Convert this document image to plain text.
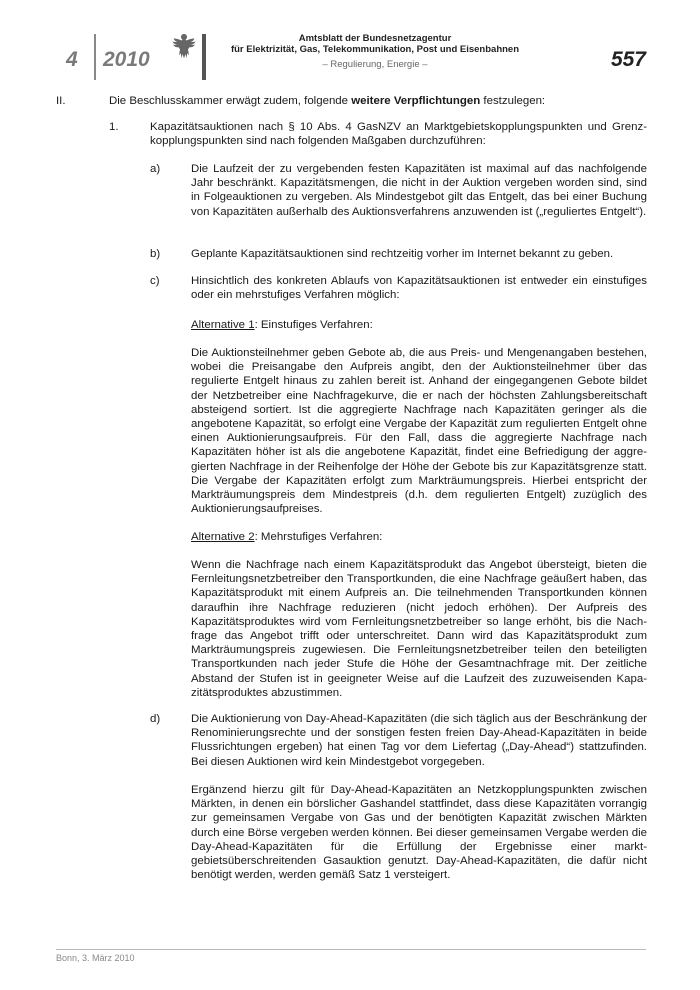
4 2010
Amtsblatt der Bundesnetzagentur
für Elektrizität, Gas, Telekommunikation, Post und Eisenbahnen
– Regulierung, Energie –	557
II.	Die Beschlusskammer erwägt zudem, folgende weitere Verpflichtungen festzulegen:

1.	Kapazitätsauktionen nach § 10 Abs. 4 GasNZV an Marktgebietskopplungspunkten und Grenzkopplungspunkten sind nach folgenden Maßgaben durchzuführen:

a)	Die Laufzeit der zu vergebenden festen Kapazitäten ist maximal auf das nachfolgende Jahr beschränkt. Kapazitätsmengen, die nicht in der Auktion vergeben worden sind, sind in Folgeauktionen zu vergeben. Als Mindestgebot gilt das Entgelt, das bei einer Buchung von Kapazitäten außerhalb des Auktionsverfahrens anzuwenden ist („reguliertes Entgelt“).

b)	Geplante Kapazitätsauktionen sind rechtzeitig vorher im Internet bekannt zu geben.

c)	Hinsichtlich des konkreten Ablaufs von Kapazitätsauktionen ist entweder ein einstufiges oder ein mehrstufiges Verfahren möglich:

Alternative 1: Einstufiges Verfahren:

Die Auktionsteilnehmer geben Gebote ab, die aus Preis- und Mengenangaben bestehen, wobei die Preisangabe den Aufpreis angibt, den der Auktionsteilnehmer über das regulierte Entgelt hinaus zu zahlen bereit ist. Anhand der eingegangenen Gebote bildet der Netzbetreiber eine Nachfragekurve, die er nach der höchsten Zahlungsbereitschaft absteigend sortiert. Ist die aggregierte Nachfrage nach Kapazitäten geringer als die angebotene Kapazität, so erfolgt eine Vergabe der Kapazität zum regulierten Entgelt ohne einen Auktionierungsaufpreis. Für den Fall, dass die aggregierte Nachfrage nach Kapazitäten höher ist als die angebotene Kapazität, findet eine Befriedigung der aggregierten Nachfrage in der Reihenfolge der Höhe der Gebote bis zur Kapazitätsgrenze statt. Die Vergabe der Kapazitäten erfolgt zum Markträumungspreis. Hierbei entspricht der Markträumungspreis dem Mindestpreis (d.h. dem regulierten Entgelt) zuzüglich des Auktionierungsaufpreises.

Alternative 2: Mehrstufiges Verfahren:

Wenn die Nachfrage nach einem Kapazitätsprodukt das Angebot übersteigt, bieten die Fernleitungsnetzbetreiber den Transportkunden, die eine Nachfrage geäußert haben, das Kapazitätsprodukt mit einem Aufpreis an. Die teilnehmenden Transportkunden können daraufhin ihre Nachfrage reduzieren (nicht jedoch erhöhen). Der Aufpreis des Kapazitätsproduktes wird vom Fernleitungsnetzbetreiber so lange erhöht, bis die Nachfrage das Angebot trifft oder unterschreitet. Dann wird das Kapazitätsprodukt zum Markträumungspreis zugewiesen. Die Fernleitungsnetzbetreiber teilen den beteiligten Transportkunden nach jeder Stufe die Höhe der Gesamtnachfrage mit. Der zeitliche Abstand der Stufen ist in geeigneter Weise auf die Laufzeit des zuzuweisenden Kapazitätsproduktes abzustimmen.

d)	Die Auktionierung von Day-Ahead-Kapazitäten (die sich täglich aus der Beschränkung der Renominierungsrechte und der sonstigen festen freien Day-Ahead-Kapazitäten in beide Flussrichtungen ergeben) hat einen Tag vor dem Liefertag („Day-Ahead“) stattzufinden. Bei diesen Auktionen wird kein Mindestgebot vorgegeben.

Ergänzend hierzu gilt für Day-Ahead-Kapazitäten an Netzkopplungspunkten zwischen Märkten, in denen ein börslicher Gashandel stattfindet, dass diese Kapazitäten vorrangig zur gemeinsamen Vergabe von Gas und der benötigten Kapazität zwischen Märkten durch eine Börse vergeben werden können. Bei dieser gemeinsamen Vergabe werden die Day-Ahead-Kapazitäten für die Erfüllung der Ergebnisse einer marktgebietsüberschreitenden Gasauktion genutzt. Day-Ahead-Kapazitäten, die dafür nicht benötigt werden, werden gemäß Satz 1 versteigert.

Bonn, 3. März 2010
